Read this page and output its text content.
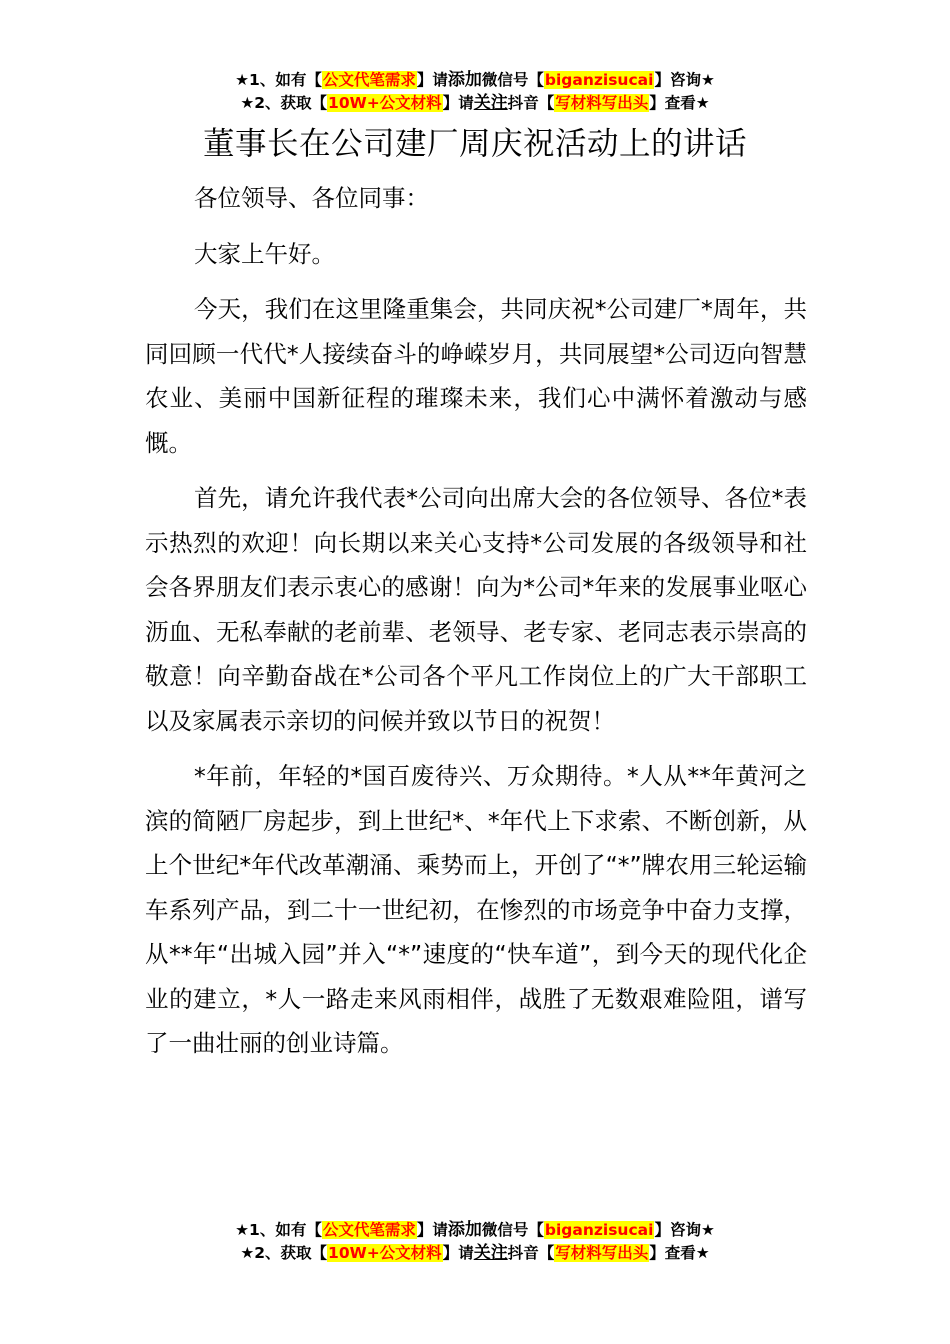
★1、如有【公文代笔需求】请添加微信号【biganzisucai】咨询★
★2、获取【10W+公文材料】请关注抖音【写材料写出头】查看★
董事长在公司建厂周庆祝活动上的讲话

各位领导、各位同事：

大家上午好。

今天，我们在这里隆重集会，共同庆祝*公司建厂*周年，共同回顾一代代*人接续奋斗的峥嵘岁月，共同展望*公司迈向智慧农业、美丽中国新征程的璀璨未来，我们心中满怀着激动与感慨。

首先，请允许我代表*公司向出席大会的各位领导、各位*表示热烈的欢迎！向长期以来关心支持*公司发展的各级领导和社会各界朋友们表示衷心的感谢！向为*公司*年来的发展事业呕心沥血、无私奉献的老前辈、老领导、老专家、老同志表示崇高的敬意！向辛勤奋战在*公司各个平凡工作岗位上的广大干部职工以及家属表示亲切的问候并致以节日的祝贺！

*年前，年轻的*国百废待兴、万众期待。*人从**年黄河之滨的简陋厂房起步，到上世纪*、*年代上下求索、不断创新，从上个世纪*年代改革潮涌、乘势而上，开创了“*”牌农用三轮运输车系列产品，到二十一世纪初，在惨烈的市场竞争中奋力支撑，从**年“出城入园”并入“*”速度的“快车道”，到今天的现代化企业的建立，*人一路走来风雨相伴，战胜了无数艰难险阻，谱写了一曲壮丽的创业诗篇。

★1、如有【公文代笔需求】请添加微信号【biganzisucai】咨询★
★2、获取【10W+公文材料】请关注抖音【写材料写出头】查看★
